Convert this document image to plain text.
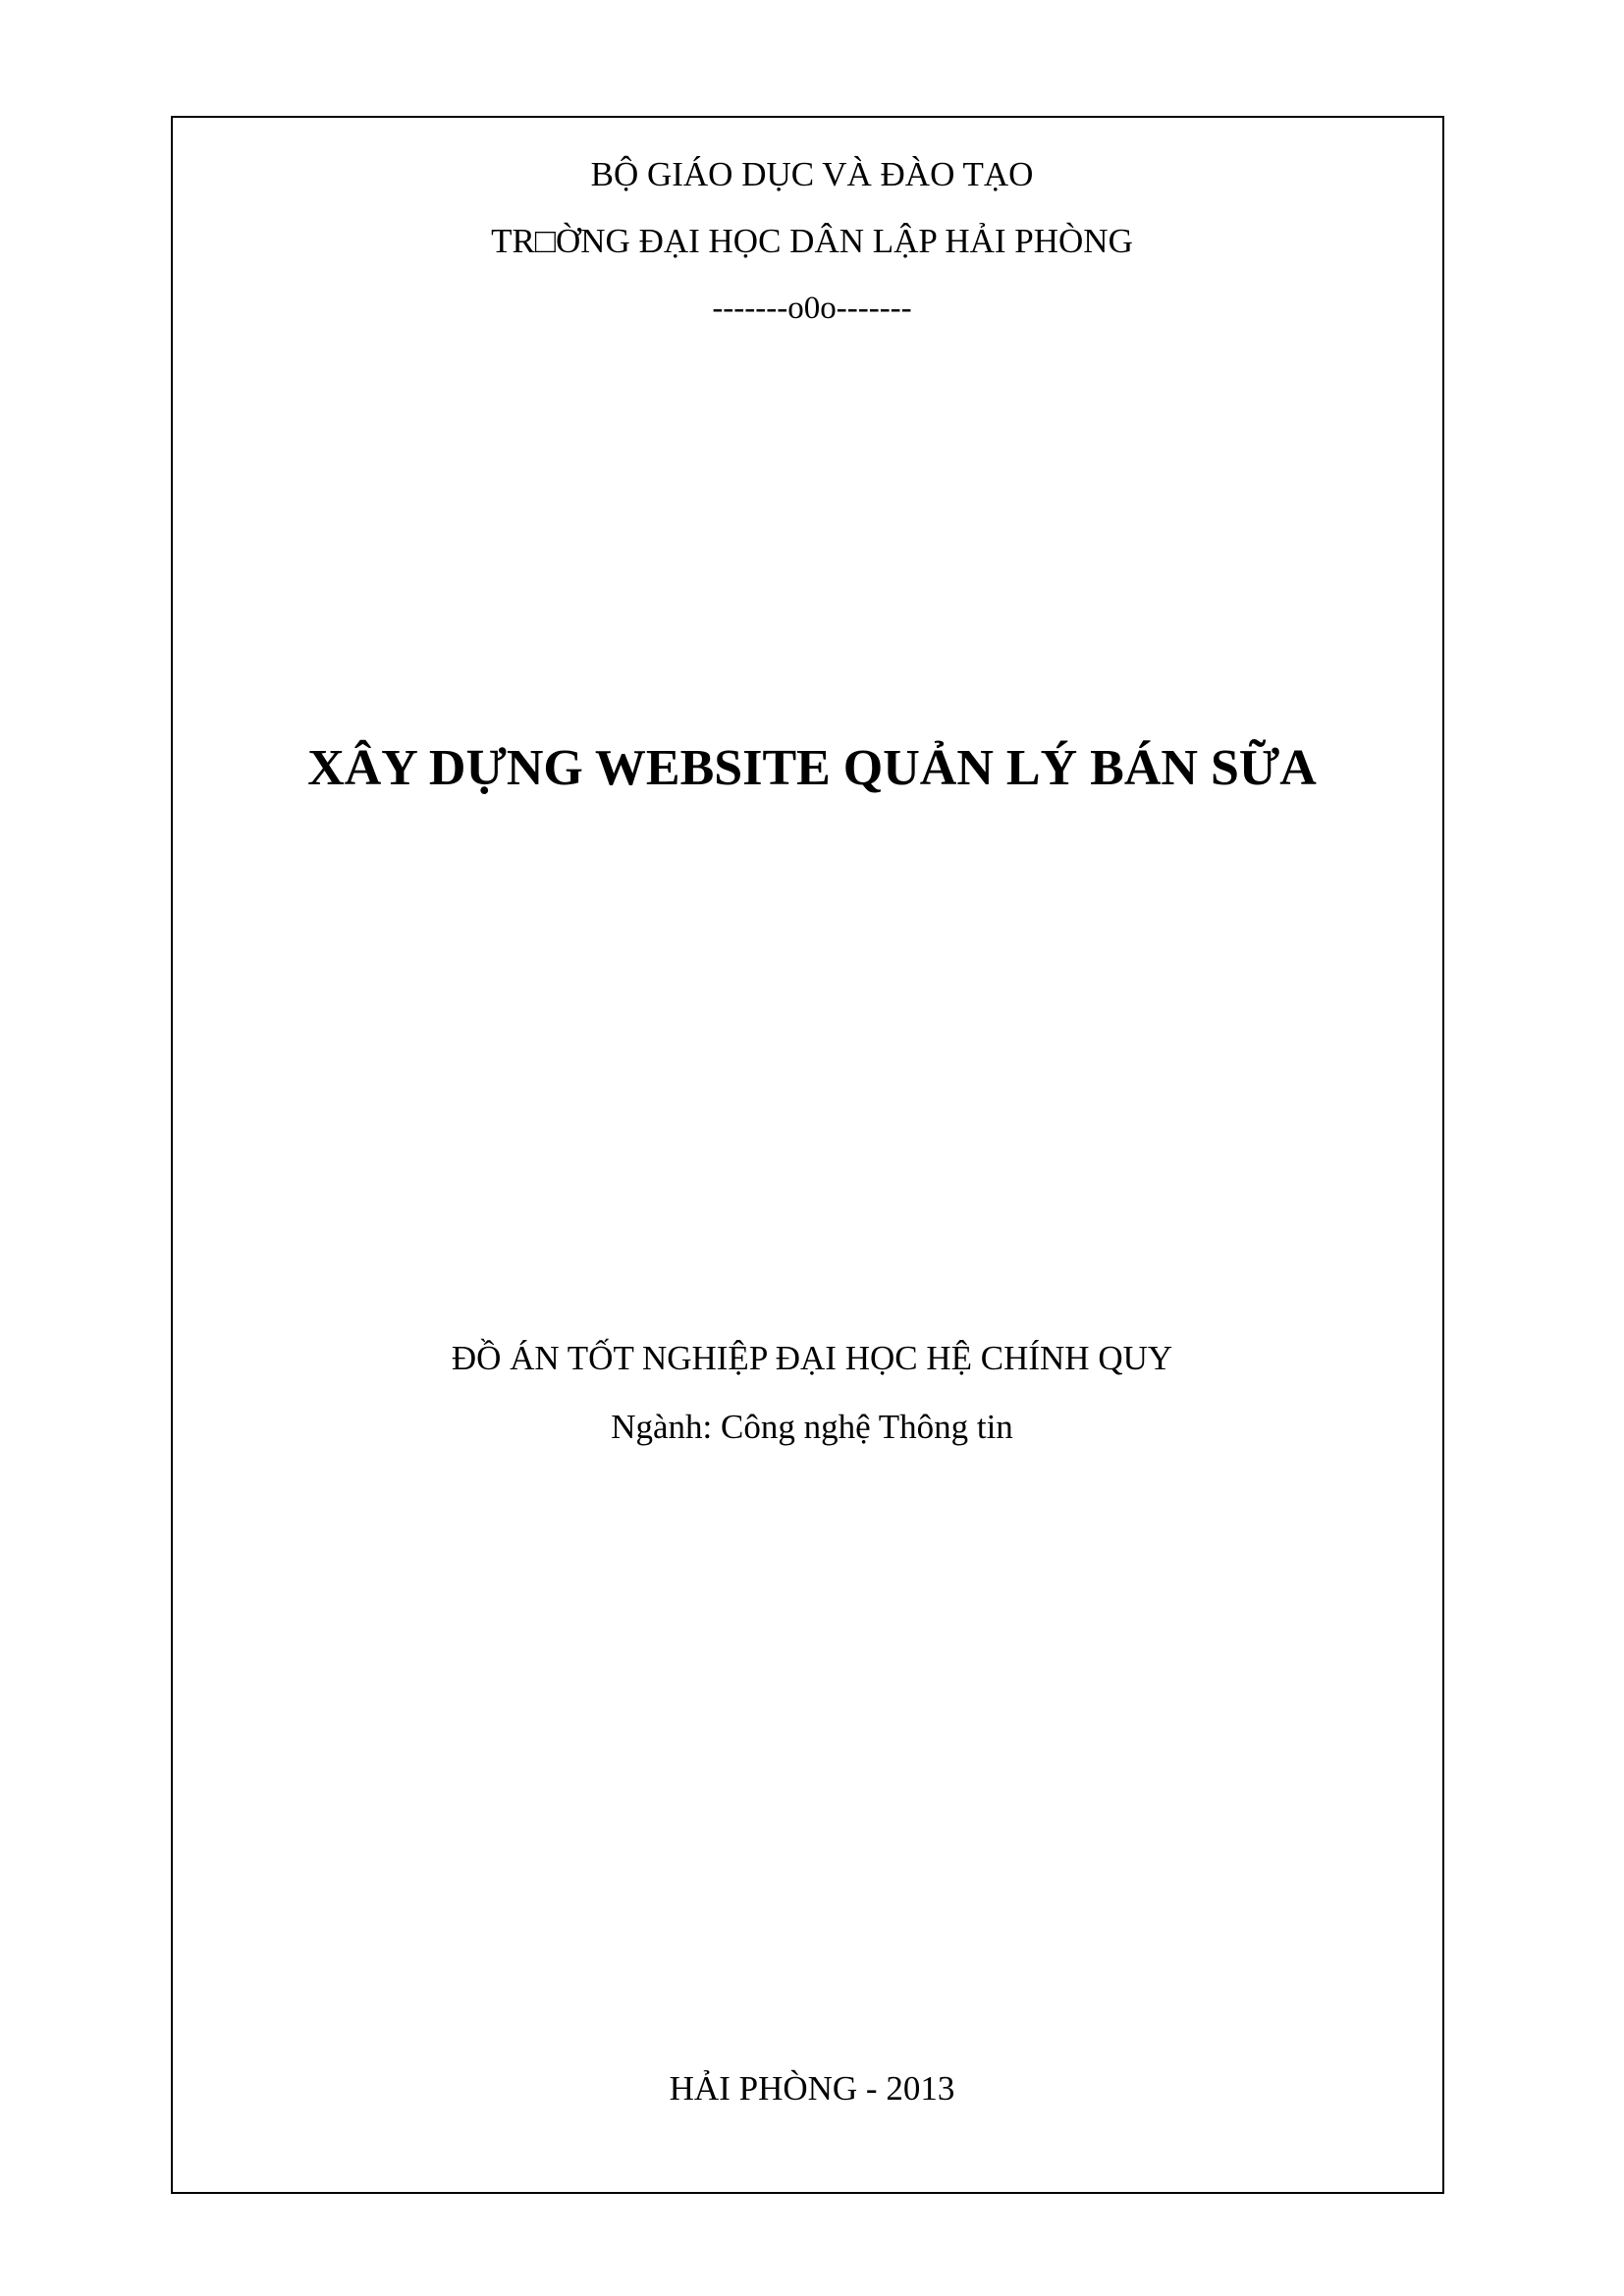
BỘ GIÁO DỤC VÀ ĐÀO TẠO
TR□ỜNG ĐẠI HỌC DÂN LẬP HẢI PHÒNG
-------o0o-------
XÂY DỰNG WEBSITE QUẢN LÝ BÁN SỮA
ĐỒ ÁN TỐT NGHIỆP ĐẠI HỌC HỆ CHÍNH QUY
Ngành: Công nghệ Thông tin
HẢI PHÒNG - 2013
